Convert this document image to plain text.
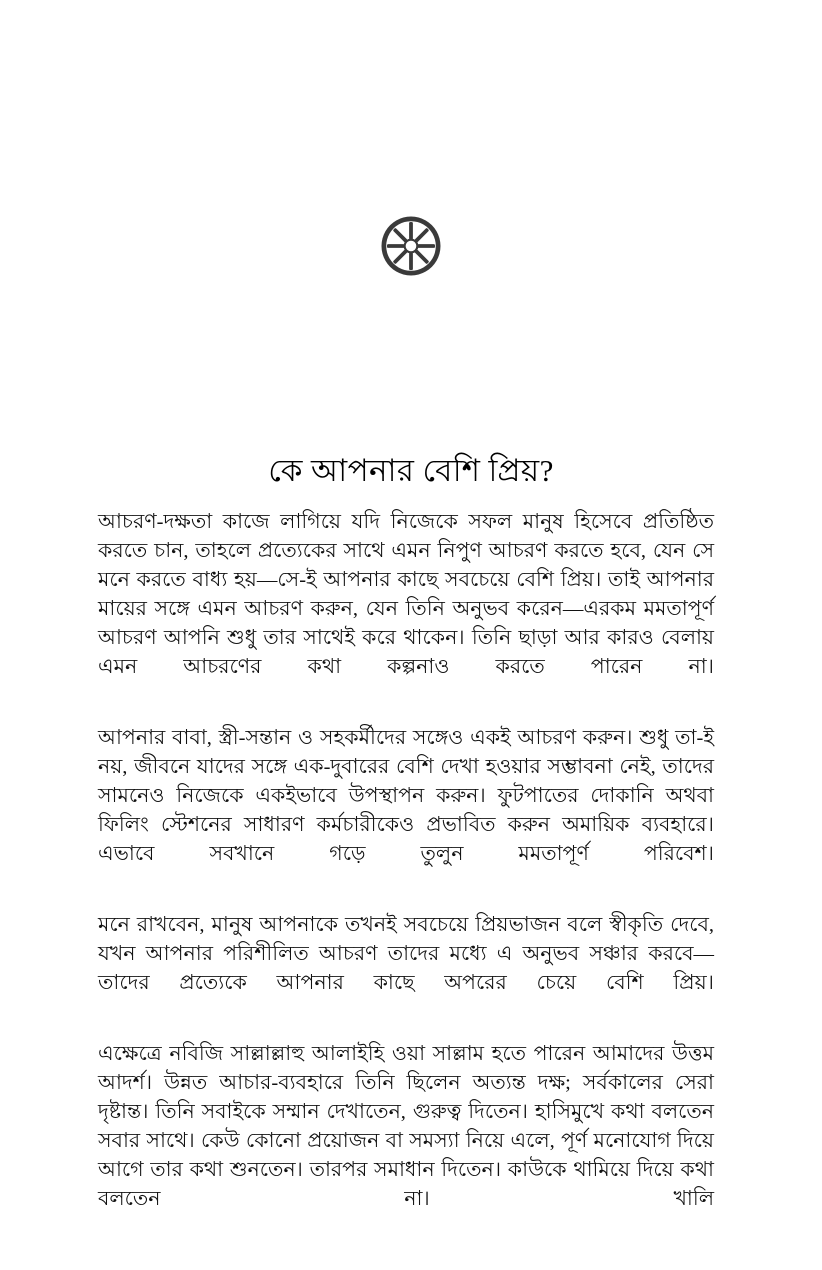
কে আপনার বেশি প্রিয়?

আচরণ-দক্ষতা কাজে লাগিয়ে যদি নিজেকে সফল মানুষ হিসেবে প্রতিষ্ঠিত করতে চান, তাহলে প্রত্যেকের সাথে এমন নিপুণ আচরণ করতে হবে, যেন সে মনে করতে বাধ্য হয়—সে-ই আপনার কাছে সবচেয়ে বেশি প্রিয়। তাই আপনার মায়ের সঙ্গে এমন আচরণ করুন, যেন তিনি অনুভব করেন—এরকম মমতাপূর্ণ আচরণ আপনি শুধু তার সাথেই করে থাকেন। তিনি ছাড়া আর কারও বেলায় এমন আচরণের কথা কল্পনাও করতে পারেন না।

আপনার বাবা, স্ত্রী-সন্তান ও সহকর্মীদের সঙ্গেও একই আচরণ করুন। শুধু তা-ই নয়, জীবনে যাদের সঙ্গে এক-দুবারের বেশি দেখা হওয়ার সম্ভাবনা নেই, তাদের সামনেও নিজেকে একইভাবে উপস্থাপন করুন। ফুটপাতের দোকানি অথবা ফিলিং স্টেশনের সাধারণ কর্মচারীকেও প্রভাবিত করুন অমায়িক ব্যবহারে। এভাবে সবখানে গড়ে তুলুন মমতাপূর্ণ পরিবেশ।

মনে রাখবেন, মানুষ আপনাকে তখনই সবচেয়ে প্রিয়ভাজন বলে স্বীকৃতি দেবে, যখন আপনার পরিশীলিত আচরণ তাদের মধ্যে এ অনুভব সঞ্চার করবে—তাদের প্রত্যেকে আপনার কাছে অপরের চেয়ে বেশি প্রিয়।

এক্ষেত্রে নবিজি সাল্লাল্লাহু আলাইহি ওয়া সাল্লাম হতে পারেন আমাদের উত্তম আদর্শ। উন্নত আচার-ব্যবহারে তিনি ছিলেন অত্যন্ত দক্ষ; সর্বকালের সেরা দৃষ্টান্ত। তিনি সবাইকে সম্মান দেখাতেন, গুরুত্ব দিতেন। হাসিমুখে কথা বলতেন সবার সাথে। কেউ কোনো প্রয়োজন বা সমস্যা নিয়ে এলে, পূর্ণ মনোযোগ দিয়ে আগে তার কথা শুনতেন। তারপর সমাধান দিতেন। কাউকে থামিয়ে দিয়ে কথা বলতেন না। খালি
